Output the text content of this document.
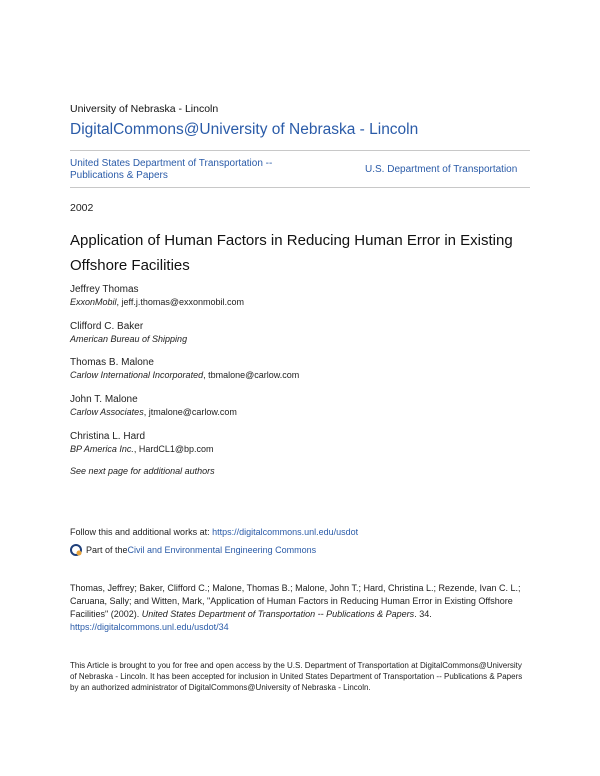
University of Nebraska - Lincoln
DigitalCommons@University of Nebraska - Lincoln
United States Department of Transportation -- Publications & Papers	U.S. Department of Transportation
2002
Application of Human Factors in Reducing Human Error in Existing Offshore Facilities
Jeffrey Thomas
ExxonMobil, jeff.j.thomas@exxonmobil.com
Clifford C. Baker
American Bureau of Shipping
Thomas B. Malone
Carlow International Incorporated, tbmalone@carlow.com
John T. Malone
Carlow Associates, jtmalone@carlow.com
Christina L. Hard
BP America Inc., HardCL1@bp.com
See next page for additional authors
Follow this and additional works at: https://digitalcommons.unl.edu/usdot
Part of the Civil and Environmental Engineering Commons
Thomas, Jeffrey; Baker, Clifford C.; Malone, Thomas B.; Malone, John T.; Hard, Christina L.; Rezende, Ivan C. L.; Caruana, Sally; and Witten, Mark, "Application of Human Factors in Reducing Human Error in Existing Offshore Facilities" (2002). United States Department of Transportation -- Publications & Papers. 34.
https://digitalcommons.unl.edu/usdot/34
This Article is brought to you for free and open access by the U.S. Department of Transportation at DigitalCommons@University of Nebraska - Lincoln. It has been accepted for inclusion in United States Department of Transportation -- Publications & Papers by an authorized administrator of DigitalCommons@University of Nebraska - Lincoln.
